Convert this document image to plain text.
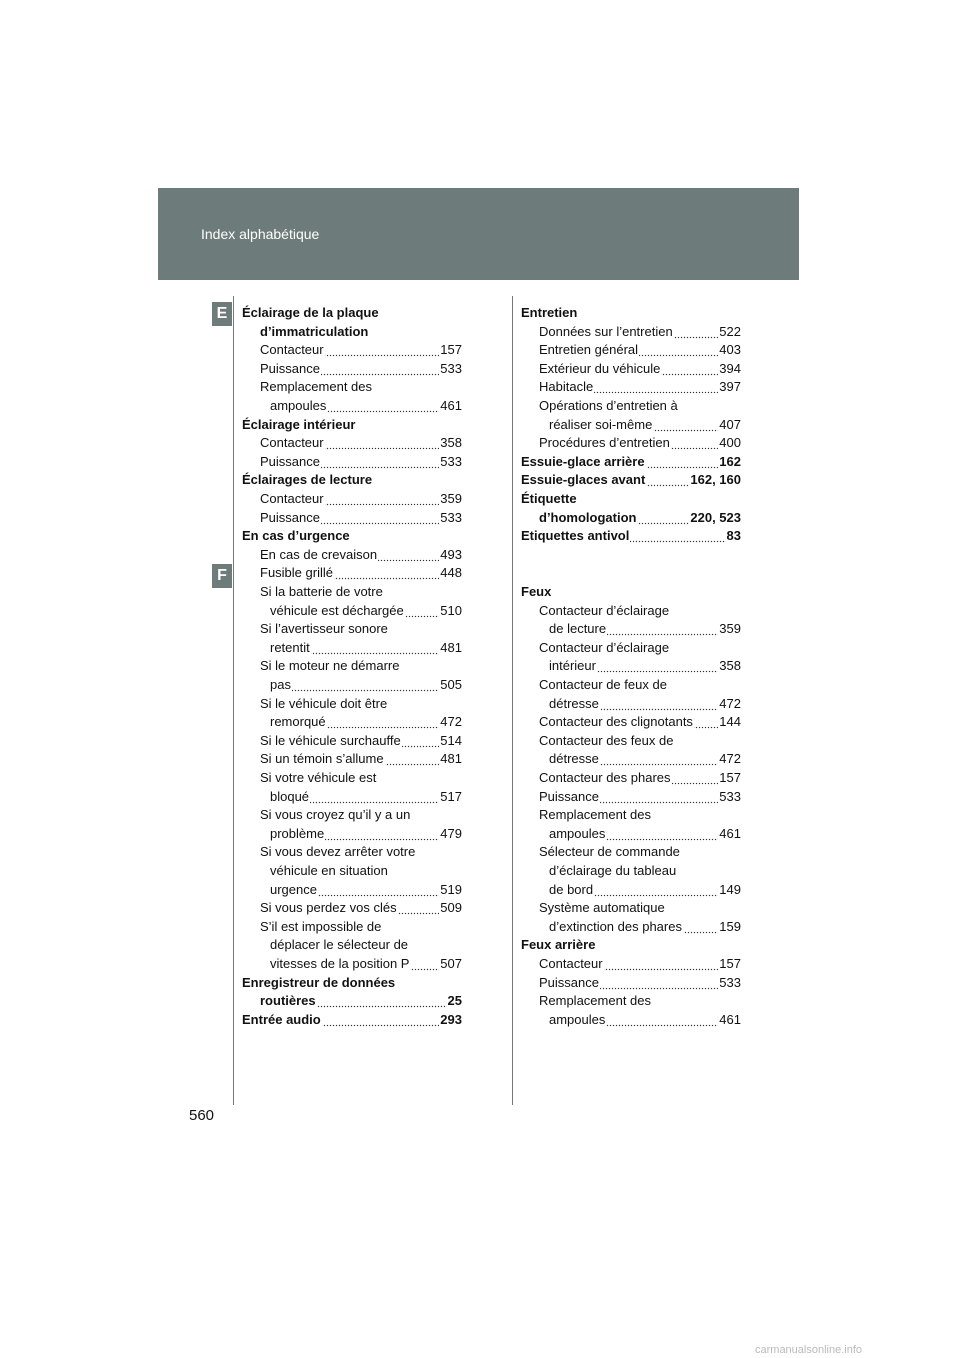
Index alphabétique
E
F
Éclairage de la plaque
d’immatriculation
Contacteur	157
Puissance	533
Remplacement des
ampoules	461
Éclairage intérieur
Contacteur	358
Puissance	533
Éclairages de lecture
Contacteur	359
Puissance	533
En cas d’urgence
En cas de crevaison	493
Fusible grillé	448
Si la batterie de votre
véhicule est déchargée	510
Si l’avertisseur sonore
retentit	481
Si le moteur ne démarre
pas	505
Si le véhicule doit être
remorqué	472
Si le véhicule surchauffe	514
Si un témoin s’allume	481
Si votre véhicule est
bloqué	517
Si vous croyez qu’il y a un
problème	479
Si vous devez arrêter votre
véhicule en situation
urgence	519
Si vous perdez vos clés	509
S’il est impossible de
déplacer le sélecteur de
vitesses de la position P 507
Enregistreur de données
routières	25
Entrée audio	293
Entretien
Données sur l’entretien	522
Entretien général	403
Extérieur du véhicule	394
Habitacle	397
Opérations d’entretien à
réaliser soi-même	407
Procédures d’entretien	400
Essuie-glace arrière	162
Essuie-glaces avant	162, 160
Étiquette
d’homologation	220, 523
Etiquettes antivol	83
Feux
Contacteur d’éclairage
de lecture	359
Contacteur d’éclairage
intérieur	358
Contacteur de feux de
détresse	472
Contacteur des clignotants 144
Contacteur des feux de
détresse	472
Contacteur des phares	157
Puissance	533
Remplacement des
ampoules	461
Sélecteur de commande
d’éclairage du tableau
de bord	149
Système automatique
d’extinction des phares	159
Feux arrière
Contacteur	157
Puissance	533
Remplacement des
ampoules	461
560
carmanualsonline.info
